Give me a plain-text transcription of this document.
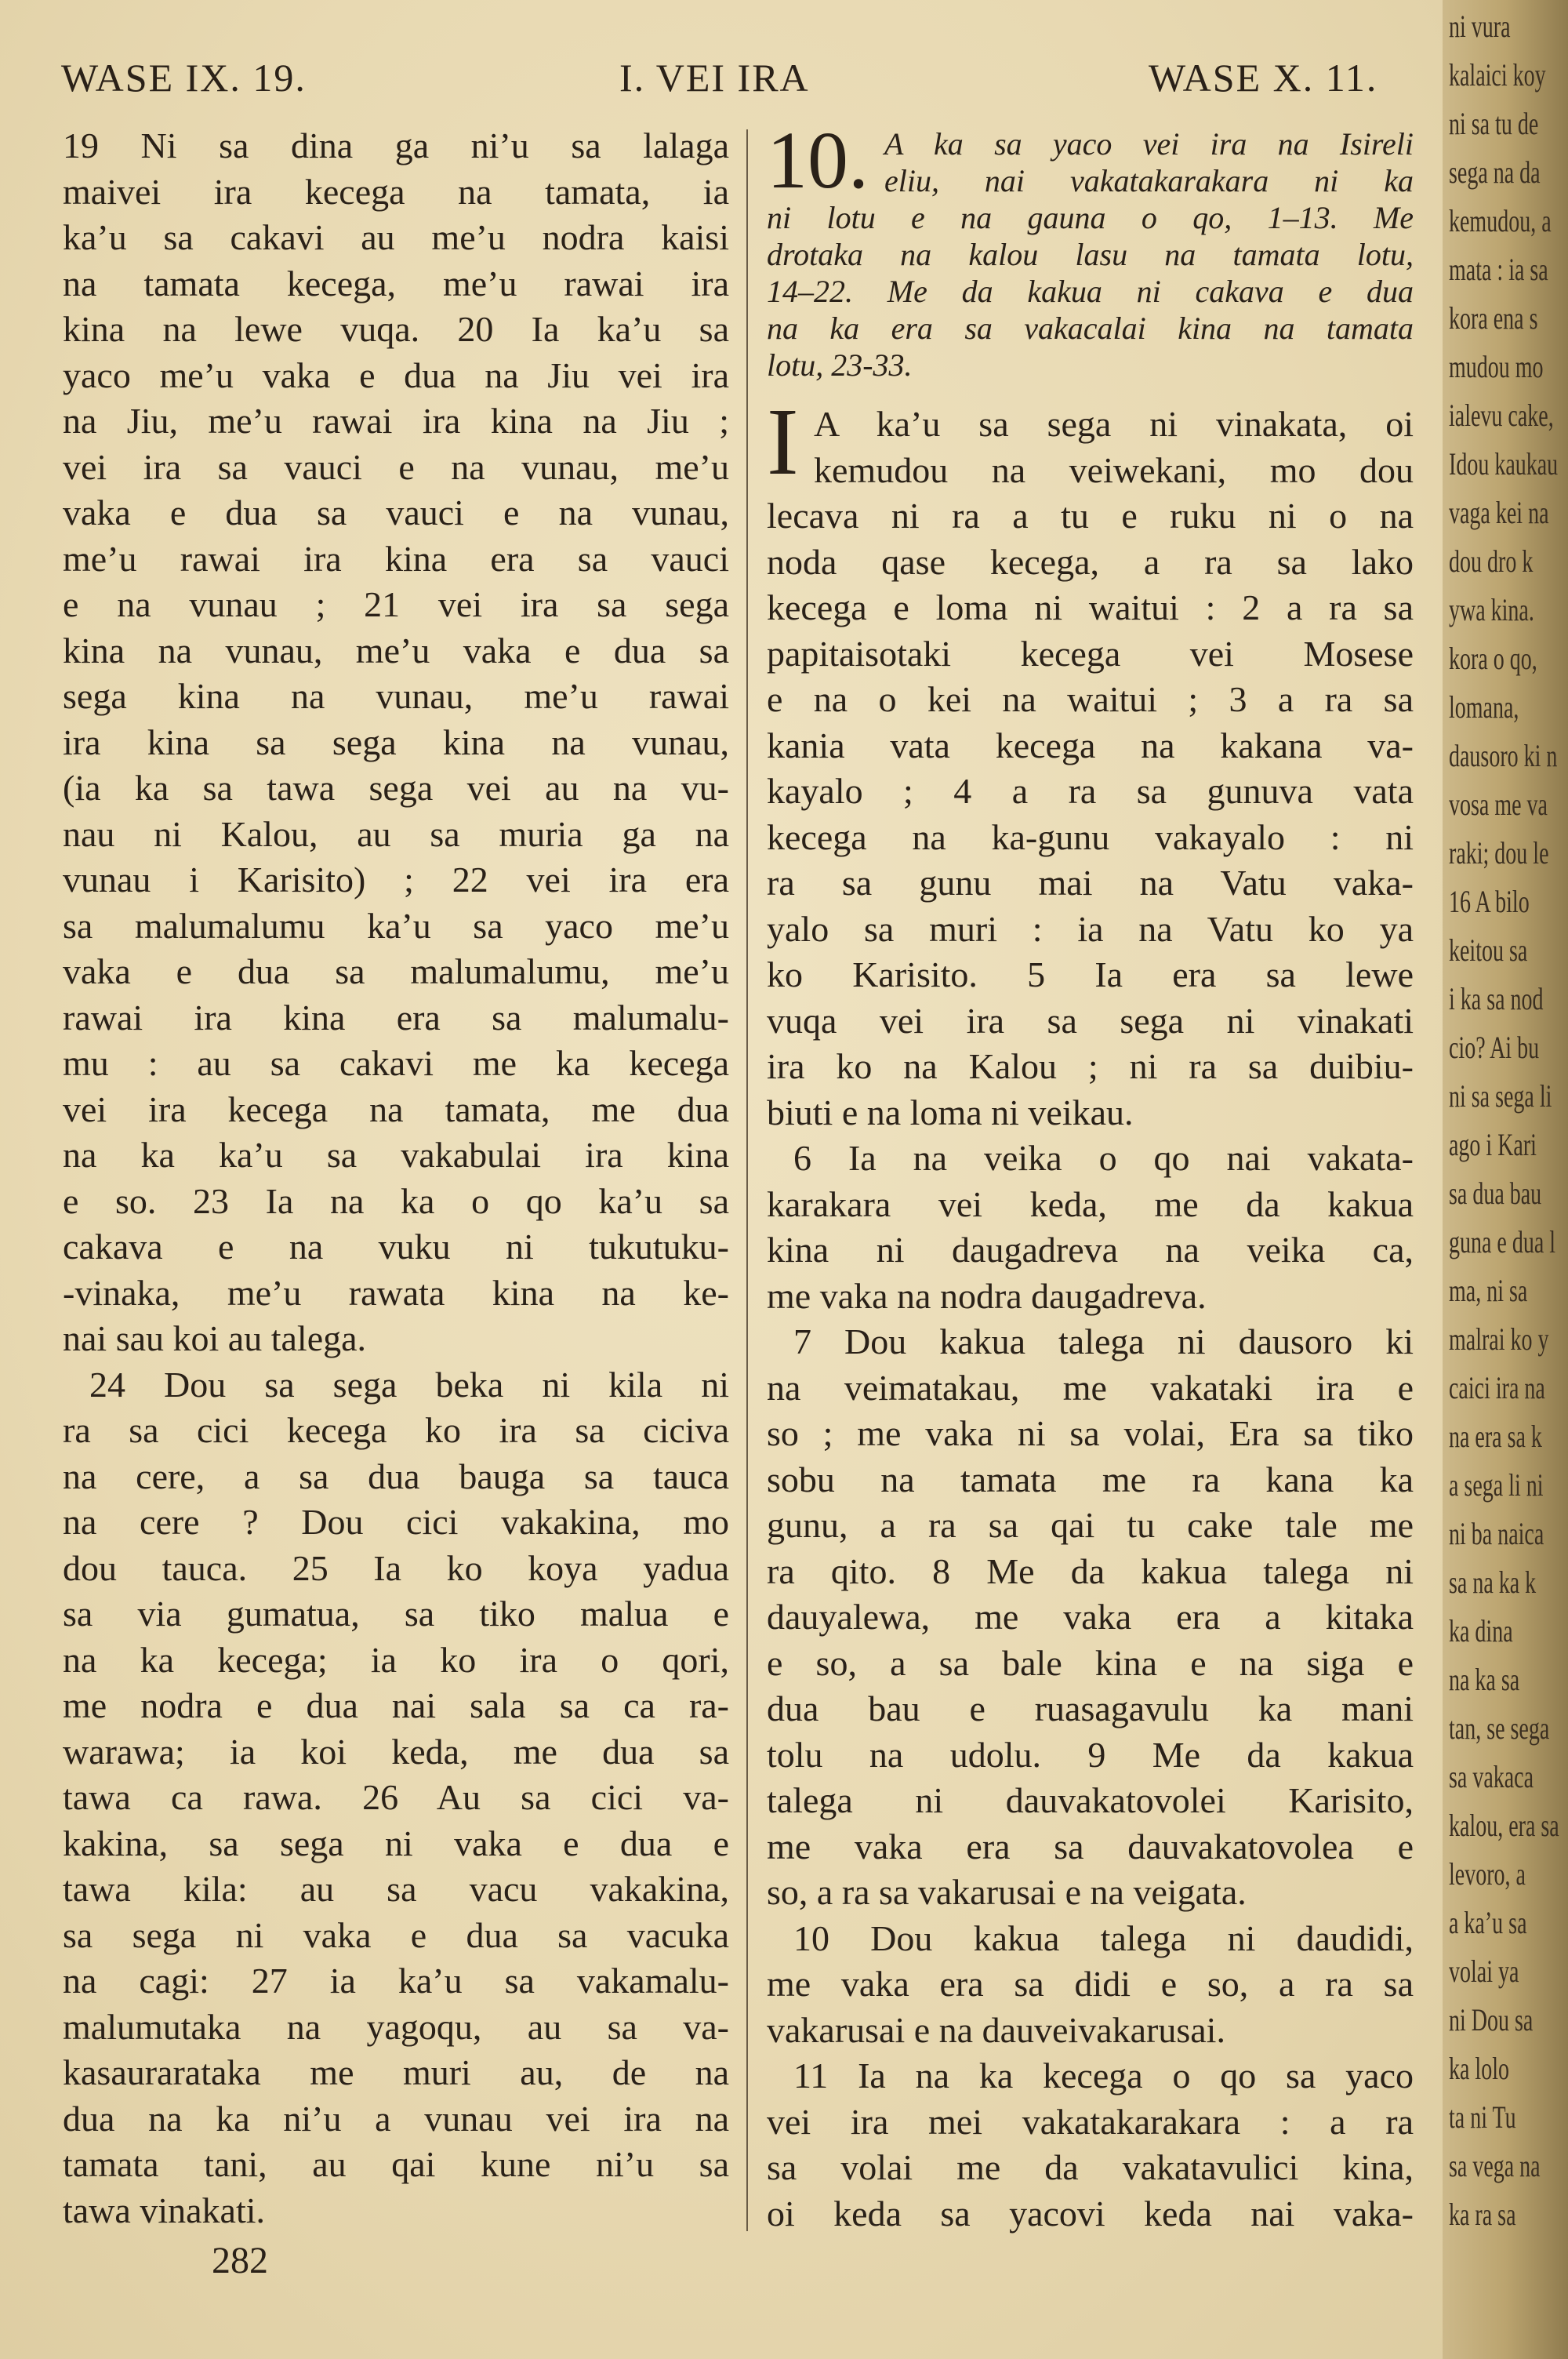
WASE IX. 19.	I. VEI IRA	WASE X. 11.
19 Ni sa dina ga ni’u sa lalaga
maivei ira kecega na tamata, ia
ka’u sa cakavi au me’u nodra kaisi
na tamata kecega, me’u rawai ira
kina na lewe vuqa. 20 Ia ka’u sa
yaco me’u vaka e dua na Jiu vei ira
na Jiu, me’u rawai ira kina na Jiu ;
vei ira sa vauci e na vunau, me’u
vaka e dua sa vauci e na vunau,
me’u rawai ira kina era sa vauci
e na vunau ; 21 vei ira sa sega
kina na vunau, me’u vaka e dua sa
sega kina na vunau, me’u rawai
ira kina sa sega kina na vunau,
(ia ka sa tawa sega vei au na vu-
nau ni Kalou, au sa muria ga na
vunau i Karisito) ; 22 vei ira era
sa malumalumu ka’u sa yaco me’u
vaka e dua sa malumalumu, me’u
rawai ira kina era sa malumalu-
mu : au sa cakavi me ka kecega
vei ira kecega na tamata, me dua
na ka ka’u sa vakabulai ira kina
e so. 23 Ia na ka o qo ka’u sa
cakava e na vuku ni tukutuku-
-vinaka, me’u rawata kina na ke-
nai sau koi au talega.
24 Dou sa sega beka ni kila ni
ra sa cici kecega ko ira sa ciciva
na cere, a sa dua bauga sa tauca
na cere ? Dou cici vakakina, mo
dou tauca. 25 Ia ko koya yadua
sa via gumatua, sa tiko malua e
na ka kecega; ia ko ira o qori,
me nodra e dua nai sala sa ca ra-
warawa; ia koi keda, me dua sa
tawa ca rawa. 26 Au sa cici va-
kakina, sa sega ni vaka e dua e
tawa kila: au sa vacu vakakina,
sa sega ni vaka e dua sa vacuka
na cagi: 27 ia ka’u sa vakamalu-
malumutaka na yagoqu, au sa va-
kasaurarataka me muri au, de na
dua na ka ni’u a vunau vei ira na
tamata tani, au qai kune ni’u sa
tawa vinakati.
10. A ka sa yaco vei ira na Isireli
eliu, nai vakatakarakara ni ka
ni lotu e na gauna o qo, 1–13. Me
drotaka na kalou lasu na tamata lotu,
14–22. Me da kakua ni cakava e dua
na ka era sa vakacalai kina na tamata
lotu, 23-33.
I A ka’u sa sega ni vinakata, oi
kemudou na veiwekani, mo dou
lecava ni ra a tu e ruku ni o na
noda qase kecega, a ra sa lako
kecega e loma ni waitui : 2 a ra sa
papitaisotaki kecega vei Mosese
e na o kei na waitui ; 3 a ra sa
kania vata kecega na kakana va-
kayalo ; 4 a ra sa gunuva vata
kecega na ka-gunu vakayalo : ni
ra sa gunu mai na Vatu vaka-
yalo sa muri : ia na Vatu ko ya
ko Karisito. 5 Ia era sa lewe
vuqa vei ira sa sega ni vinakati
ira ko na Kalou ; ni ra sa duibiu-
biuti e na loma ni veikau.
6 Ia na veika o qo nai vakata-
karakara vei keda, me da kakua
kina ni daugadreva na veika ca,
me vaka na nodra daugadreva.
7 Dou kakua talega ni dausoro ki
na veimatakau, me vakataki ira e
so ; me vaka ni sa volai, Era sa tiko
sobu na tamata me ra kana ka
gunu, a ra sa qai tu cake tale me
ra qito. 8 Me da kakua talega ni
dauyalewa, me vaka era a kitaka
e so, a sa bale kina e na siga e
dua bau e ruasagavulu ka mani
tolu na udolu. 9 Me da kakua
talega ni dauvakatovolei Karisito,
me vaka era sa dauvakatovolea e
so, a ra sa vakarusai e na veigata.
10 Dou kakua talega ni daudidi,
me vaka era sa didi e so, a ra sa
vakarusai e na dauveivakarusai.
11 Ia na ka kecega o qo sa yaco
vei ira mei vakatakarakara : a ra
sa volai me da vakatavulici kina,
oi keda sa yacovi keda nai vaka-
282
ni vura
kalaici koy
ni sa tu de
sega na da
kemudou, a
mata : ia sa
kora ena s
mudou mo
ialevu cake,
Idou kaukau
vaga kei na
dou dro k
ywa kina.
kora o qo,
lomana,
dausoro ki n
vosa me va
raki; dou le
16 A bilo
keitou sa
i ka sa nod
cio? Ai bu
ni sa sega li
ago i Kari
sa dua bau
guna e dua l
ma, ni sa
malrai ko y
caici ira na
na era sa k
a sega li ni
ni ba naica
sa na ka k
ka dina
na ka sa
tan, se sega
sa vakaca
kalou, era sa
levoro, a
a ka’u sa
volai ya
ni Dou sa
ka lolo
ta ni Tu
sa vega na
ka ra sa
